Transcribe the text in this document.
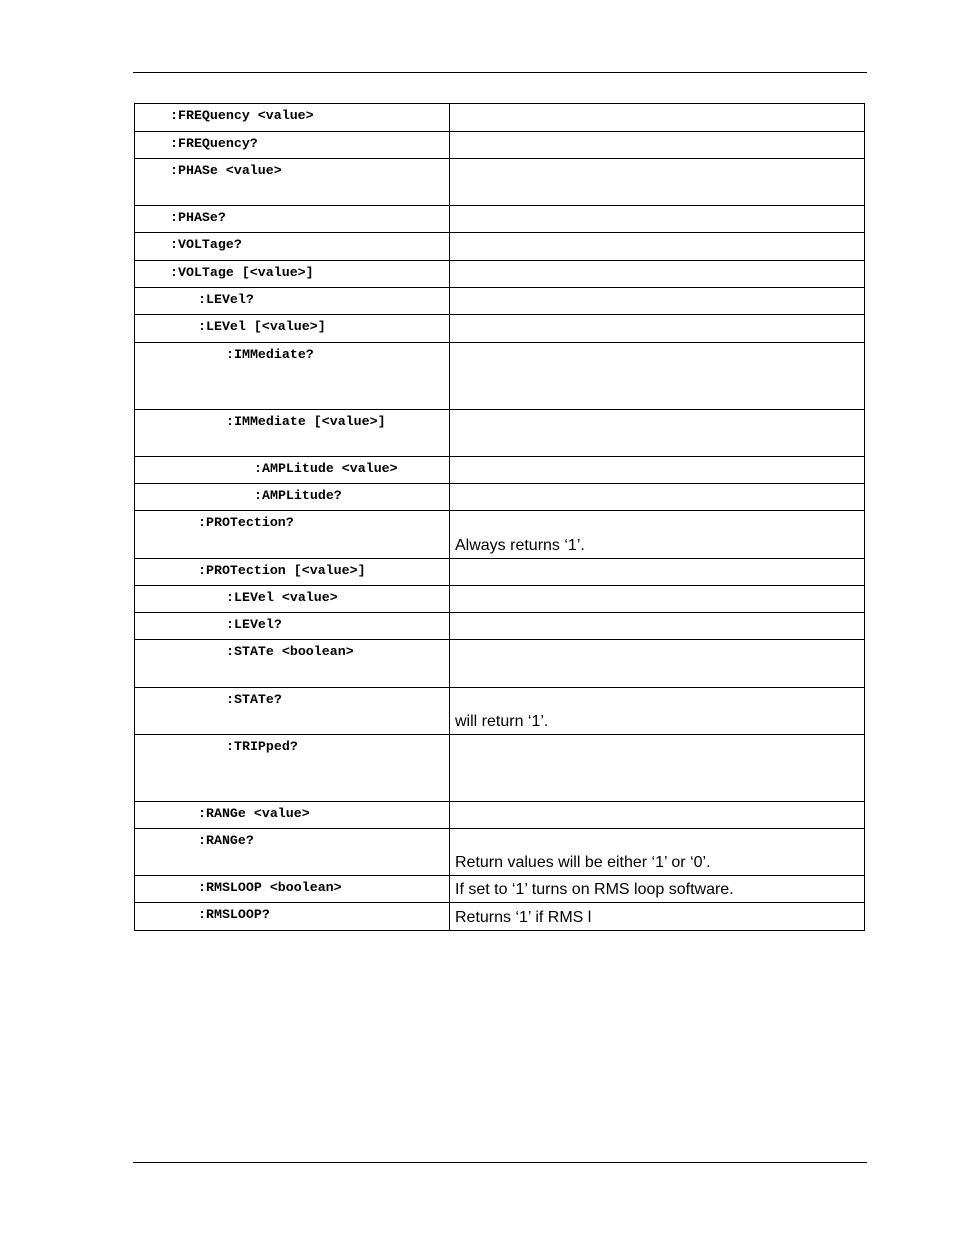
:FREQuency <value>	

:FREQuency?	

:PHASe <value>	

:PHASe?	

:VOLTage?	

:VOLTage [<value>]	

:LEVel?	

:LEVel [<value>]	

:IMMediate?	

:IMMediate [<value>]	

:AMPLitude <value>	

:AMPLitude?	

:PROTection?	Always returns ‘1’.

:PROTection [<value>]	

:LEVel <value>	

:LEVel?	

:STATe <boolean>	

:STATe?	will return ‘1’.

:TRIPped?	

:RANGe <value>	

:RANGe?	Return values will be either ‘1’ or ‘0’.

:RMSLOOP <boolean>	If set to ‘1’ turns on RMS loop software.

:RMSLOOP?	Returns ‘1’ if RMS l
